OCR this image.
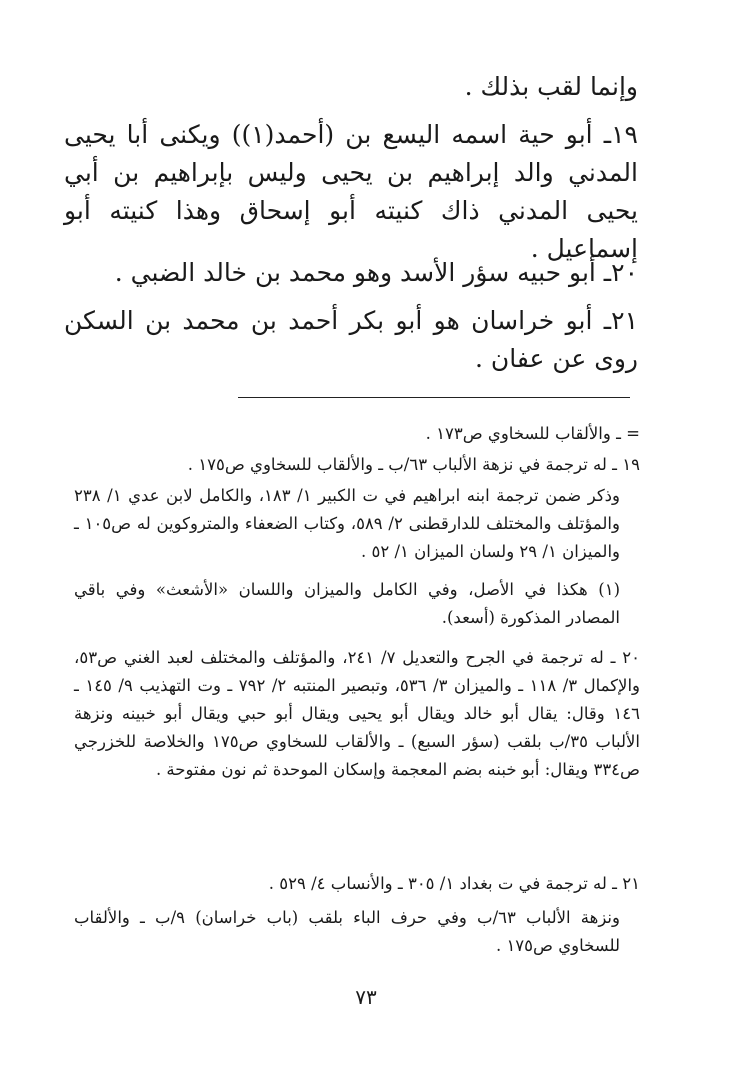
وإنما لقب بذلك .

١٩ـ أبو حية اسمه اليسع بن (أحمد(١)) ويكنى أبا يحيى المدني والد إبراهيم بن يحيى وليس بإبراهيم بن أبي يحيى المدني ذاك كنيته أبو إسحاق وهذا كنيته أبو إسماعيل .

٢٠ـ أبو حبيه سؤر الأسد وهو محمد بن خالد الضبي .

٢١ـ أبو خراسان هو أبو بكر أحمد بن محمد بن السكن روى عن عفان .

= ـ والألقاب للسخاوي ص١٧٣ .

١٩ ـ له ترجمة في نزهة الألباب ٦٣/ب ـ والألقاب للسخاوي ص١٧٥ .

وذكر ضمن ترجمة ابنه ابراهيم في ت الكبير ١/ ١٨٣، والكامل لابن عدي ١/ ٢٣٨ والمؤتلف والمختلف للدارقطنى ٢/ ٥٨٩، وكتاب الضعفاء والمتروكوين له ص١٠٥ ـ والميزان ١/ ٢٩ ولسان الميزان ١/ ٥٢ .

(١) هكذا في الأصل، وفي الكامل والميزان واللسان «الأشعث» وفي باقي المصادر المذكورة (أسعد).

٢٠ ـ له ترجمة في الجرح والتعديل ٧/ ٢٤١، والمؤتلف والمختلف لعبد الغني ص٥٣، والإكمال ٣/ ١١٨ ـ والميزان ٣/ ٥٣٦، وتبصير المنتبه ٢/ ٧٩٢ ـ وت التهذيب ٩/ ١٤٥ ـ ١٤٦ وقال: يقال أبو خالد ويقال أبو يحيى ويقال أبو حبي ويقال أبو خبينه ونزهة الألباب ٣٥/ب بلقب (سؤر السبع) ـ والألقاب للسخاوي ص١٧٥ والخلاصة للخزرجي ص٣٣٤ ويقال: أبو خبنه بضم المعجمة وإسكان الموحدة ثم نون مفتوحة .

٢١ ـ له ترجمة في ت بغداد ١/ ٣٠٥ ـ والأنساب ٤/ ٥٢٩ .

ونزهة الألباب ٦٣/ب وفي حرف الباء بلقب (باب خراسان) ٩/ب ـ والألقاب للسخاوي ص١٧٥ .

٧٣
